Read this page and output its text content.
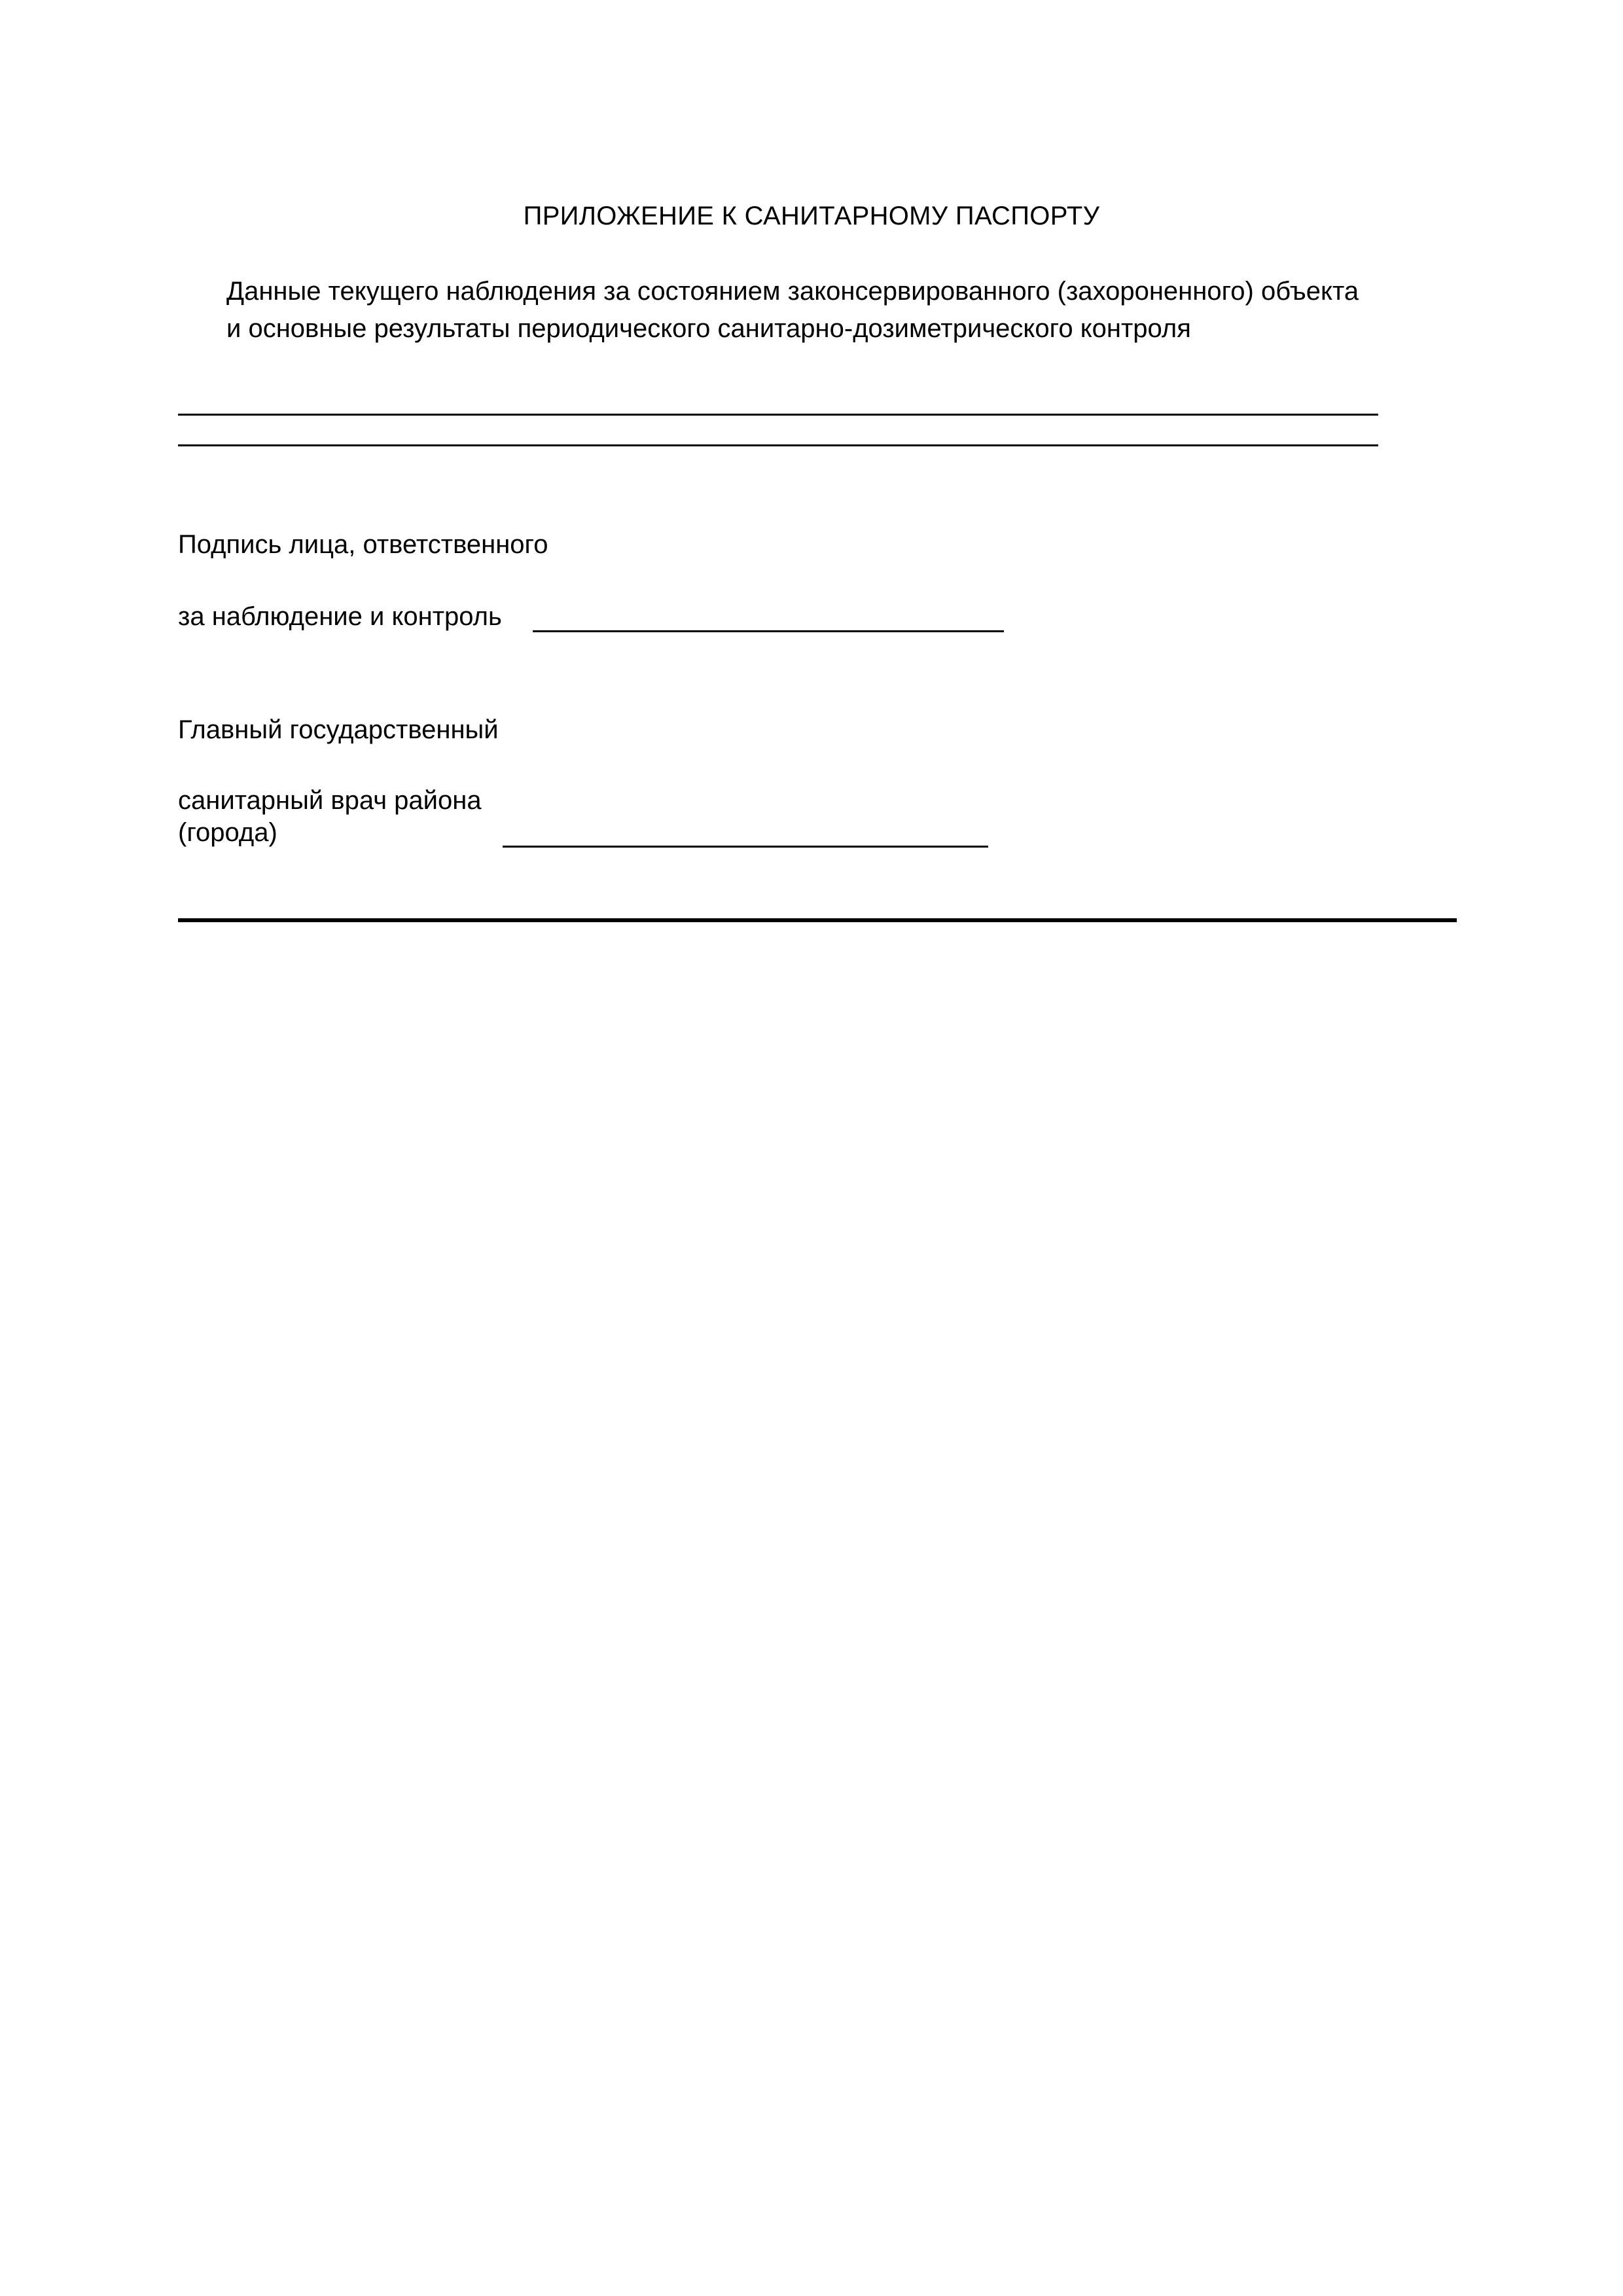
ПРИЛОЖЕНИЕ К САНИТАРНОМУ ПАСПОРТУ
Данные текущего наблюдения за состоянием законсервированного (захороненного) объекта
и основные результаты периодического санитарно-дозиметрического контроля
Подпись лица, ответственного
за наблюдение и контроль
Главный государственный
санитарный врач района
(города)
